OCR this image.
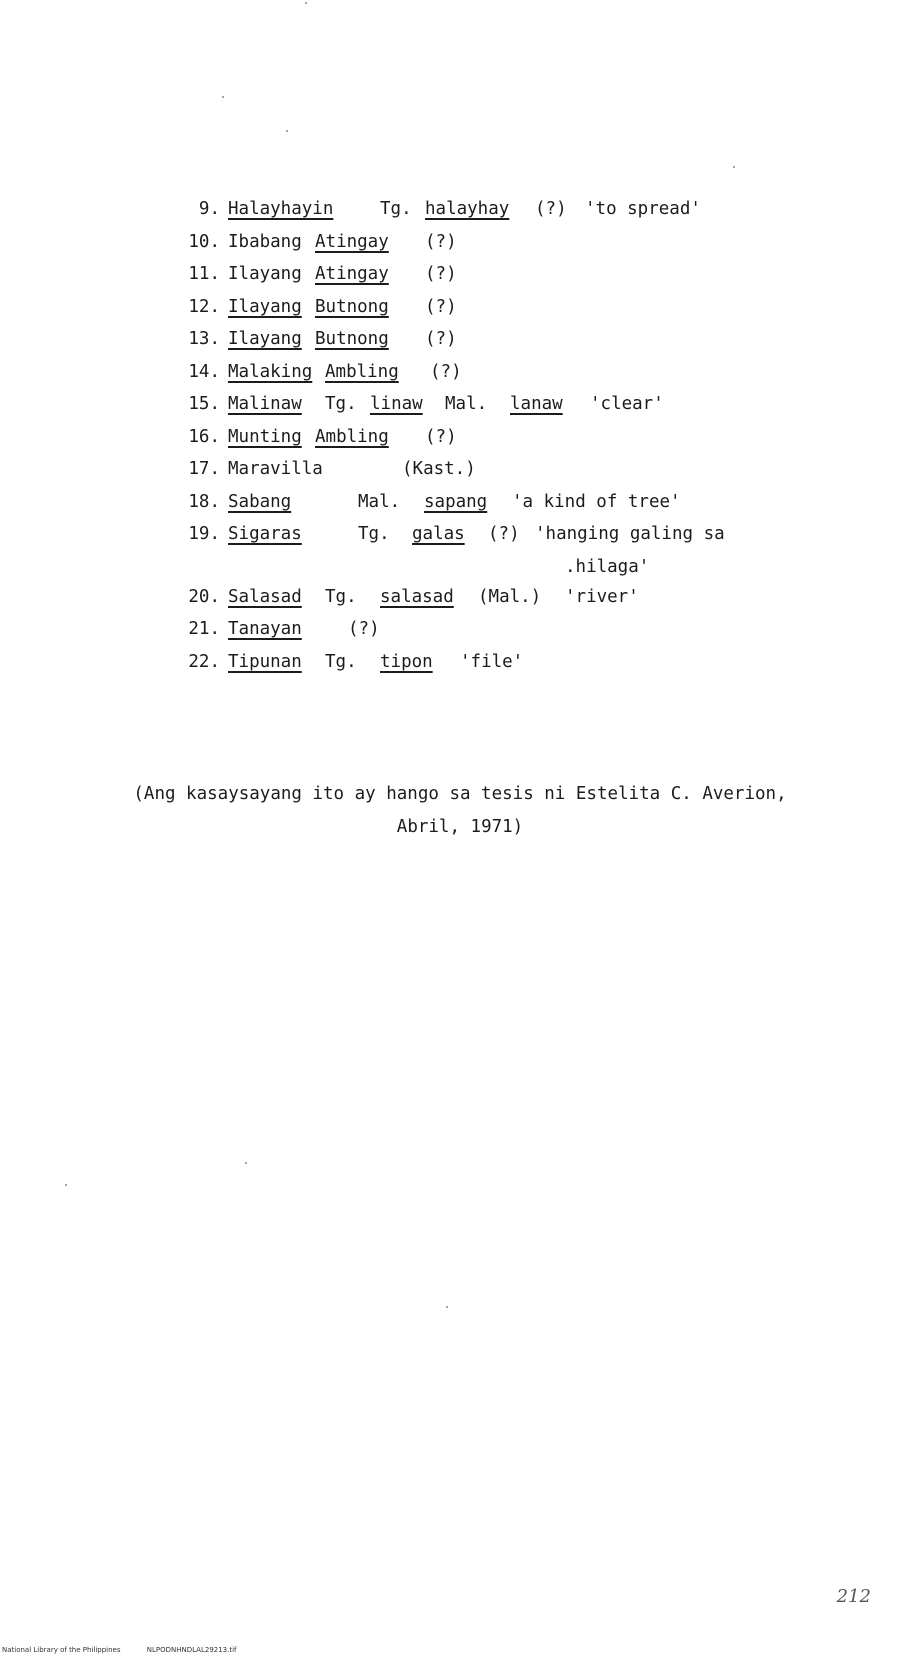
9. Halayhayin	Tg. halayhay (?) 'to spread'
10. Ibabang Atingay (?)
11. Ilayang Atingay (?)
12. Ilayang Butnong (?)
13. Ilayang Butnong (?)
14. Malaking Ambling (?)
15. Malinaw Tg. linaw Mal. lanaw 'clear'
16. Munting Ambling (?)
17. Maravilla	(Kast.)
18. Sabang	Mal. sapang 'a kind of tree'
19. Sigaras	Tg. galas (?) 'hanging galing sa
.hilaga'
20. Salasad Tg. salasad (Mal.) 'river'
21. Tanayan	(?)
22. Tipunan Tg. tipon 'file'
(Ang kasaysayang ito ay hango sa tesis ni Estelita C. Averion,
Abril, 1971)
212
National Library of the Philippines	NLPODNHNDLAL29213.tif
